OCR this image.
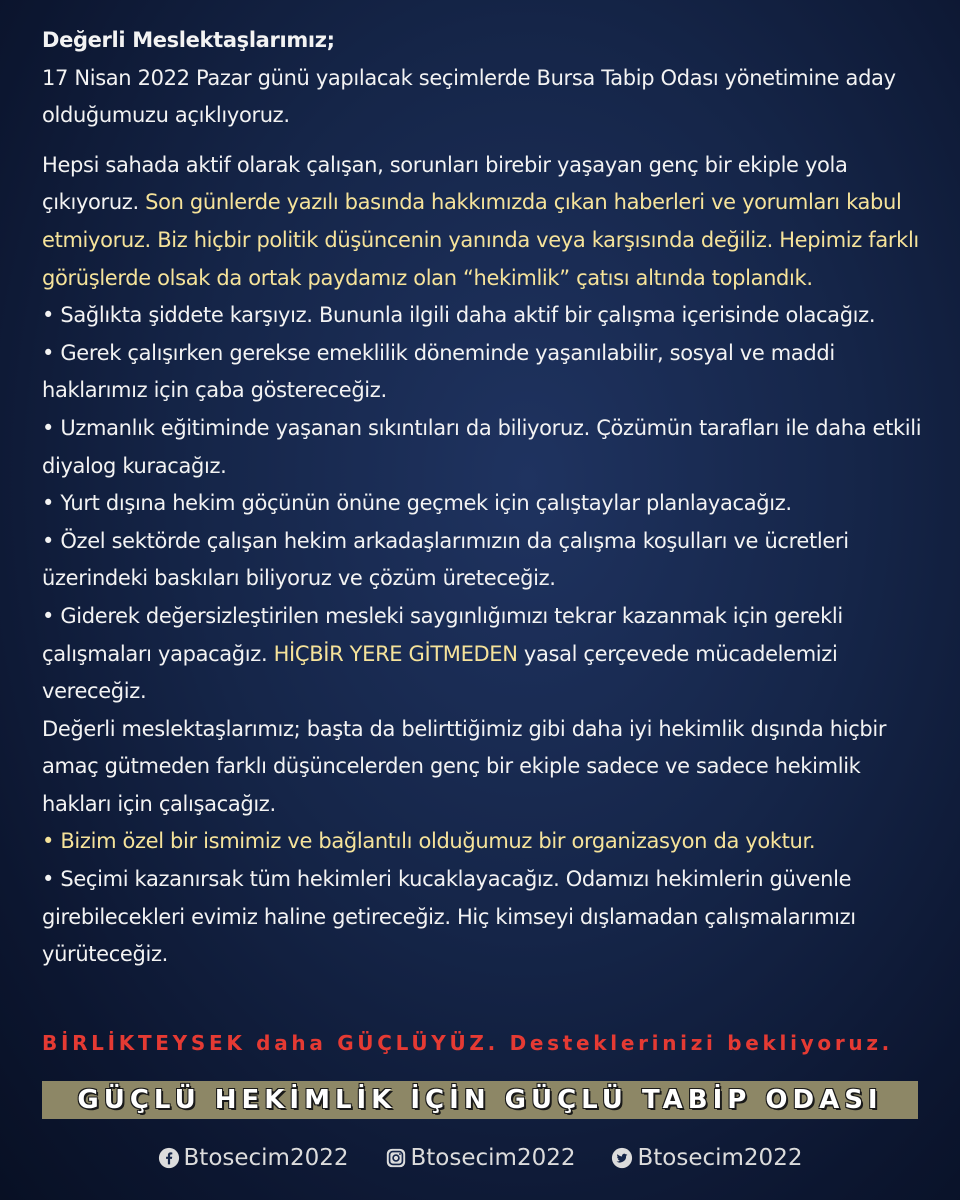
Değerli Meslektaşlarımız;

17 Nisan 2022 Pazar günü yapılacak seçimlerde Bursa Tabip Odası yönetimine aday olduğumuzu açıklıyoruz.

Hepsi sahada aktif olarak çalışan, sorunları birebir yaşayan genç bir ekiple yola çıkıyoruz. Son günlerde yazılı basında hakkımızda çıkan haberleri ve yorumları kabul etmiyoruz. Biz hiçbir politik düşüncenin yanında veya karşısında değiliz. Hepimiz farklı görüşlerde olsak da ortak paydamız olan “hekimlik” çatısı altında toplandık.

• Sağlıkta şiddete karşıyız. Bununla ilgili daha aktif bir çalışma içerisinde olacağız.

• Gerek çalışırken gerekse emeklilik döneminde yaşanılabilir, sosyal ve maddi haklarımız için çaba göstereceğiz.

• Uzmanlık eğitiminde yaşanan sıkıntıları da biliyoruz. Çözümün tarafları ile daha etkili diyalog kuracağız.

• Yurt dışına hekim göçünün önüne geçmek için çalıştaylar planlayacağız.

• Özel sektörde çalışan hekim arkadaşlarımızın da çalışma koşulları ve ücretleri üzerindeki baskıları biliyoruz ve çözüm üreteceğiz.

• Giderek değersizleştirilen mesleki saygınlığımızı tekrar kazanmak için gerekli çalışmaları yapacağız. HİÇBİR YERE GİTMEDEN yasal çerçevede mücadelemizi vereceğiz.

Değerli meslektaşlarımız; başta da belirttiğimiz gibi daha iyi hekimlik dışında hiçbir amaç gütmeden farklı düşüncelerden genç bir ekiple sadece ve sadece hekimlik hakları için çalışacağız.

• Bizim özel bir ismimiz ve bağlantılı olduğumuz bir organizasyon da yoktur.

• Seçimi kazanırsak tüm hekimleri kucaklayacağız. Odamızı hekimlerin güvenle girebilecekleri evimiz haline getireceğiz. Hiç kimseyi dışlamadan çalışmalarımızı yürüteceğiz.

BİRLİKTEYSEK daha GÜÇLÜYÜZ. Desteklerinizi bekliyoruz.

GÜÇLÜ HEKİMLİK İÇİN GÜÇLÜ TABİP ODASI
Btosecim2022	Btosecim2022	Btosecim2022
